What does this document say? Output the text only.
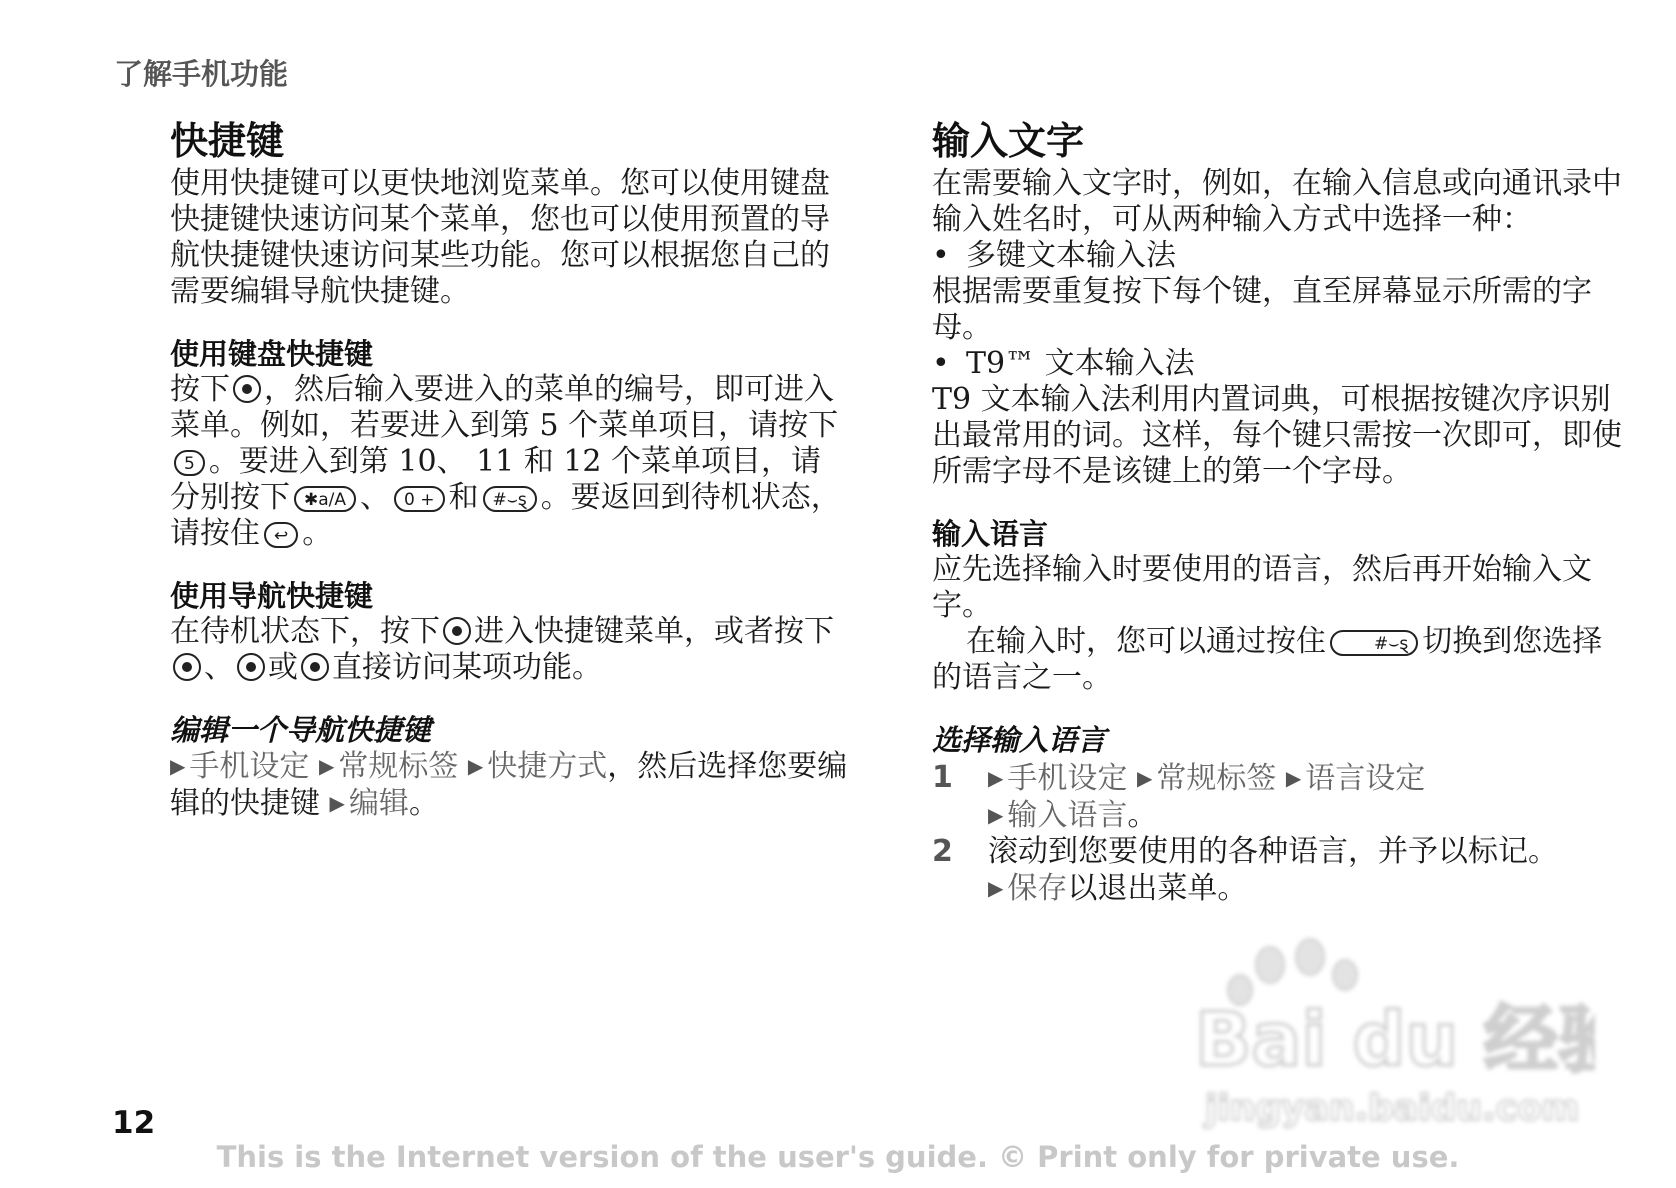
了解手机功能
快捷键

使用快捷键可以更快地浏览菜单。您可以使用键盘快捷键快速访问某个菜单，您也可以使用预置的导航快捷键快速访问某些功能。您可以根据您自己的需要编辑导航快捷键。

使用键盘快捷键

按下 ，然后输入要进入的菜单的编号，即可进入菜单。例如，若要进入到第 5 个菜单项目，请按下5 。要进入到第 10、 11 和 12 个菜单项目，请分别按下 ✱a/A 、 0 + 和 #⌣ȿ 。要返回到待机状态，请按住 ↩ 。

使用导航快捷键

在待机状态下，按下 进入快捷键菜单，或者按下、 或 直接访问某项功能。

编辑一个导航快捷键

▶ 手机设定 ▶ 常规标签 ▶ 快捷方式，然后选择您要编辑的快捷键 ▶ 编辑。

输入文字

在需要输入文字时，例如，在输入信息或向通讯录中输入姓名时，可从两种输入方式中选择一种：

• 多键文本输入法

根据需要重复按下每个键，直至屏幕显示所需的字母。

• T9™ 文本输入法

T9 文本输入法利用内置词典，可根据按键次序识别出最常用的词。这样，每个键只需按一次即可，即使所需字母不是该键上的第一个字母。

输入语言

应先选择输入时要使用的语言，然后再开始输入文字。

在输入时，您可以通过按住	#⌣ȿ 切换到您选择的语言之一。

选择输入语言
1	▶ 手机设定 ▶ 常规标签 ▶ 语言设定
▶ 输入语言。
2	滚动到您要使用的各种语言，并予以标记。
▶ 保存以退出菜单。
Bai du 经验
jingyan.baidu.com
12
This is the Internet version of the user's guide. © Print only for private use.
